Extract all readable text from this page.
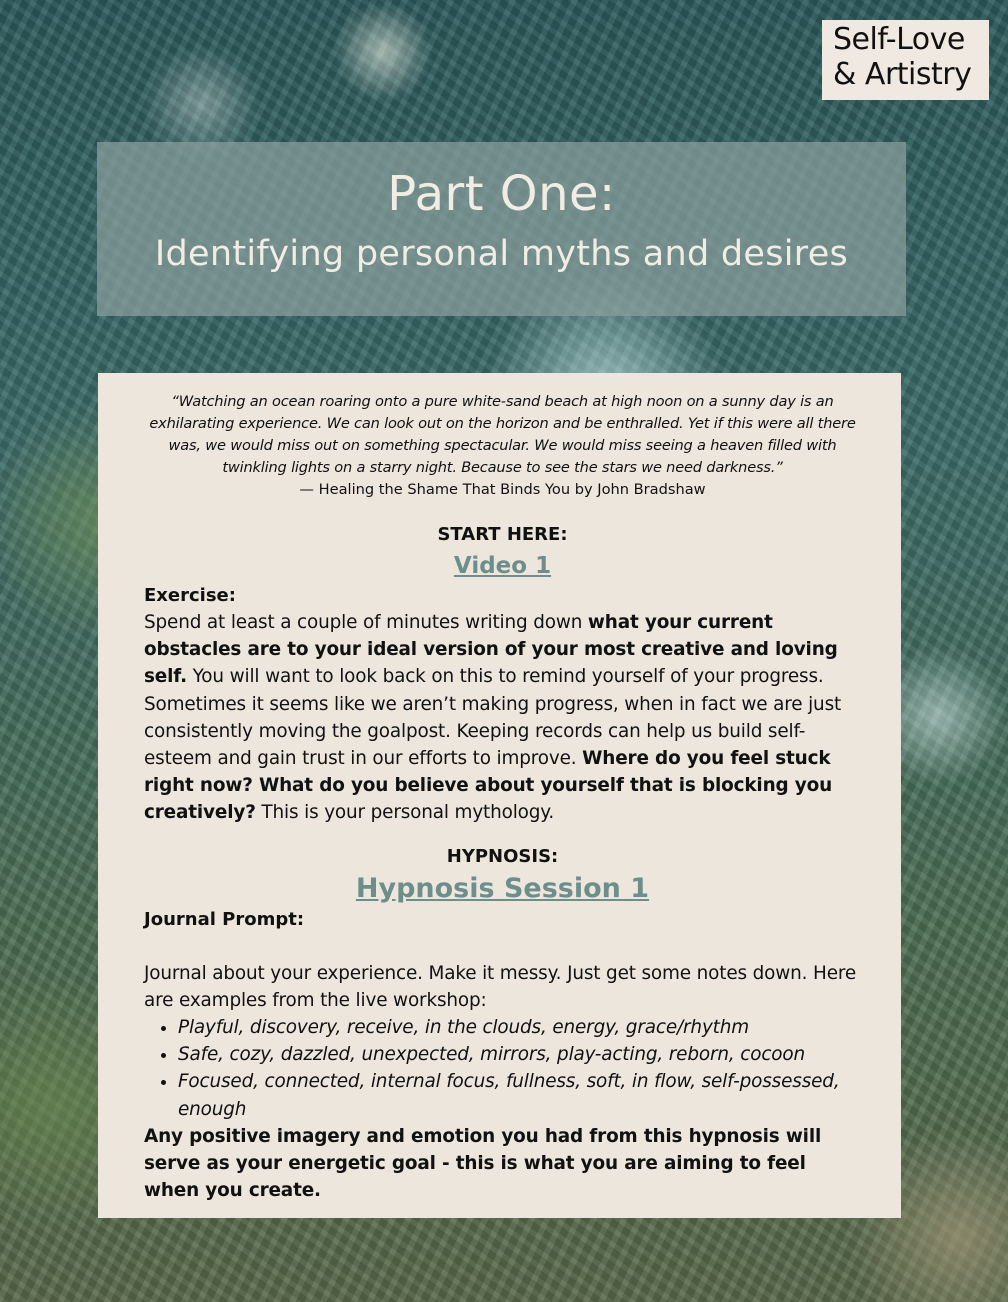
Self-Love
& Artistry
Part One:
Identifying personal myths and desires

“Watching an ocean roaring onto a pure white-sand beach at high noon on a sunny day is an exhilarating experience. We can look out on the horizon and be enthralled. Yet if this were all there was, we would miss out on something spectacular. We would miss seeing a heaven filled with twinkling lights on a starry night. Because to see the stars we need darkness.”

— Healing the Shame That Binds You by John Bradshaw

START HERE:

Video 1

Exercise:

Spend at least a couple of minutes writing down what your current obstacles are to your ideal version of your most creative and loving self. You will want to look back on this to remind yourself of your progress. Sometimes it seems like we aren’t making progress, when in fact we are just consistently moving the goalpost. Keeping records can help us build self-esteem and gain trust in our efforts to improve. Where do you feel stuck right now? What do you believe about yourself that is blocking you creatively? This is your personal mythology.

HYPNOSIS:

Hypnosis Session 1

Journal Prompt:

Journal about your experience. Make it messy. Just get some notes down. Here are examples from the live workshop:

• Playful, discovery, receive, in the clouds, energy, grace/rhythm
• Safe, cozy, dazzled, unexpected, mirrors, play-acting, reborn, cocoon
• Focused, connected, internal focus, fullness, soft, in flow, self-possessed, enough

Any positive imagery and emotion you had from this hypnosis will serve as your energetic goal - this is what you are aiming to feel when you create.
